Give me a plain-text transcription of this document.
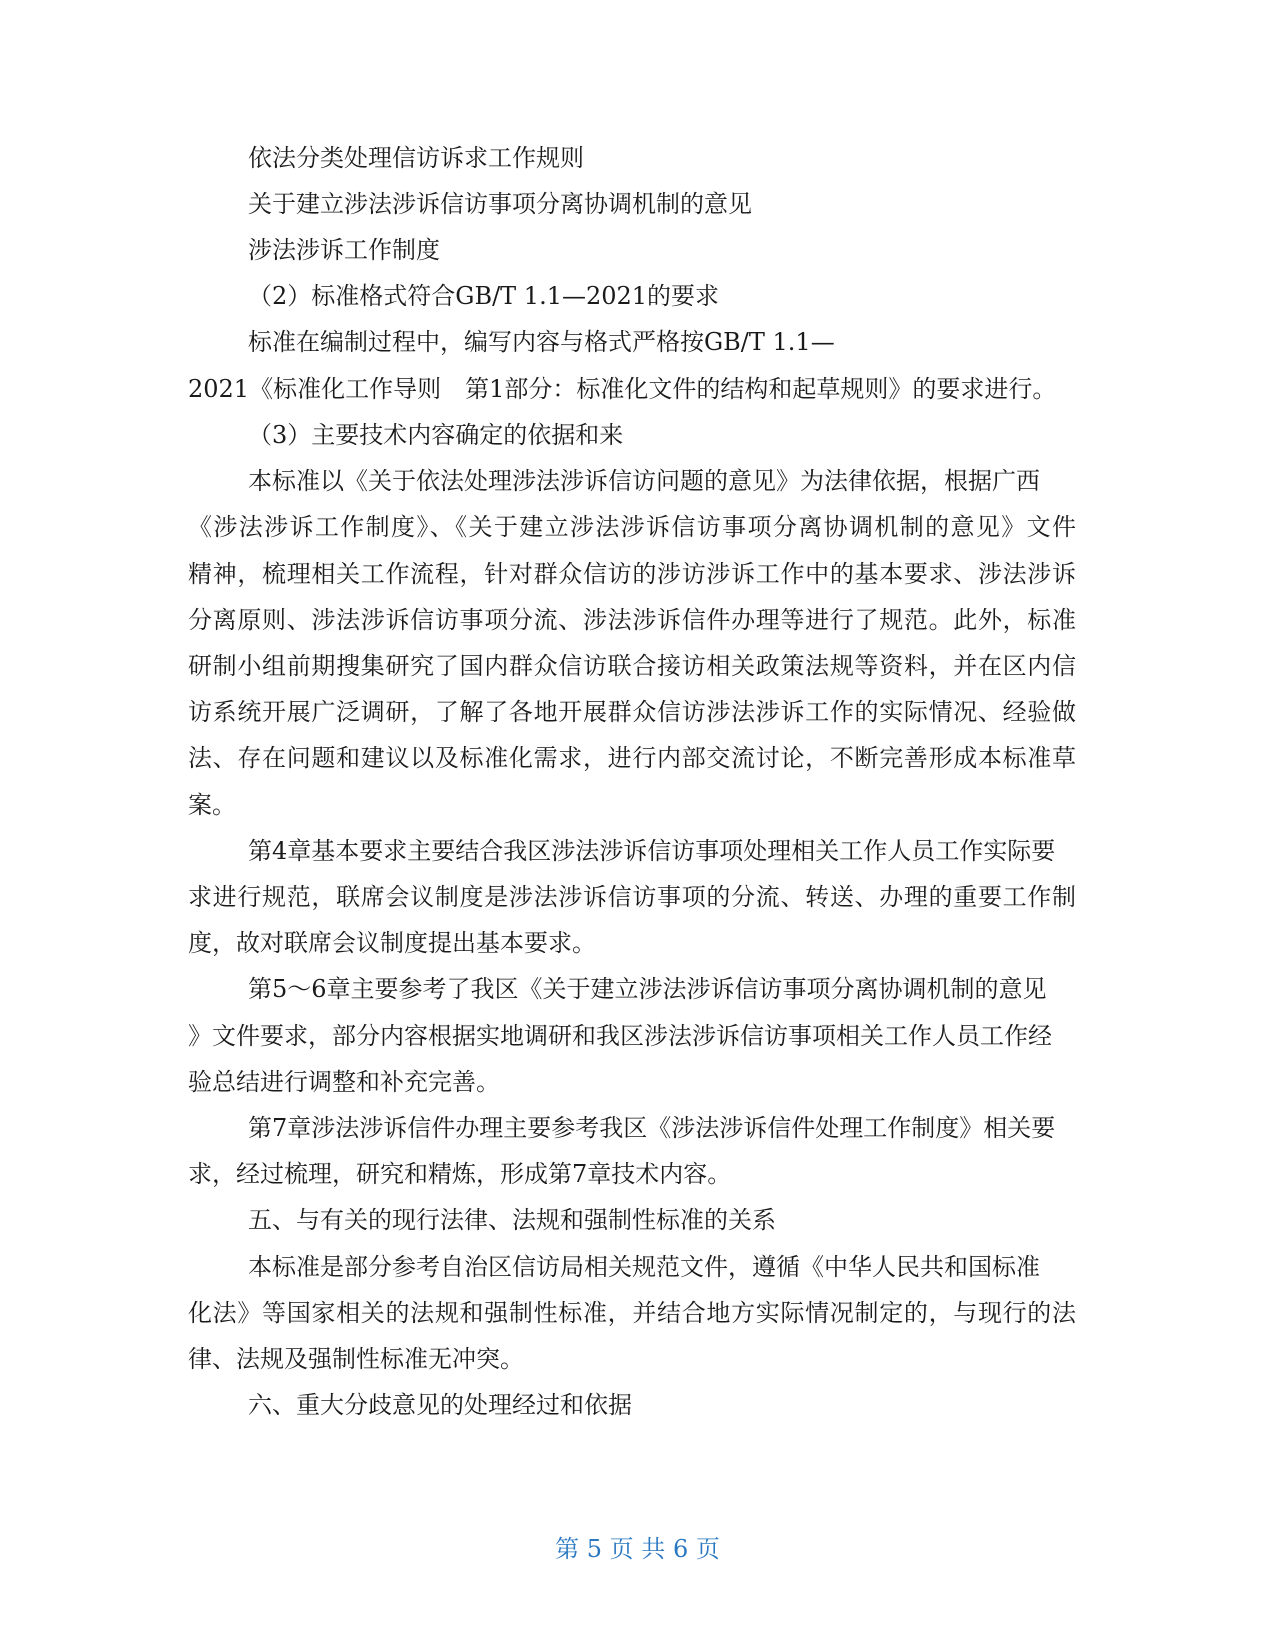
依法分类处理信访诉求工作规则
关于建立涉法涉诉信访事项分离协调机制的意见
涉法涉诉工作制度
（2）标准格式符合GB/T 1.1—2021的要求
标准在编制过程中，编写内容与格式严格按GB/T 1.1—
2021《标准化工作导则　第1部分：标准化文件的结构和起草规则》的要求进行。
（3）主要技术内容确定的依据和来
本标准以《关于依法处理涉法涉诉信访问题的意见》为法律依据，根据广西
《涉法涉诉工作制度》、《关于建立涉法涉诉信访事项分离协调机制的意见》文件
精神，梳理相关工作流程，针对群众信访的涉访涉诉工作中的基本要求、涉法涉诉
分离原则、涉法涉诉信访事项分流、涉法涉诉信件办理等进行了规范。此外，标准
研制小组前期搜集研究了国内群众信访联合接访相关政策法规等资料，并在区内信
访系统开展广泛调研，了解了各地开展群众信访涉法涉诉工作的实际情况、经验做
法、存在问题和建议以及标准化需求，进行内部交流讨论，不断完善形成本标准草
案。
第4章基本要求主要结合我区涉法涉诉信访事项处理相关工作人员工作实际要
求进行规范，联席会议制度是涉法涉诉信访事项的分流、转送、办理的重要工作制
度，故对联席会议制度提出基本要求。
第5～6章主要参考了我区《关于建立涉法涉诉信访事项分离协调机制的意见
》文件要求，部分内容根据实地调研和我区涉法涉诉信访事项相关工作人员工作经
验总结进行调整和补充完善。
第7章涉法涉诉信件办理主要参考我区《涉法涉诉信件处理工作制度》相关要
求，经过梳理，研究和精炼，形成第7章技术内容。
五、与有关的现行法律、法规和强制性标准的关系
本标准是部分参考自治区信访局相关规范文件，遵循《中华人民共和国标准
化法》等国家相关的法规和强制性标准，并结合地方实际情况制定的，与现行的法
律、法规及强制性标准无冲突。
六、重大分歧意见的处理经过和依据
第 5 页 共 6 页
